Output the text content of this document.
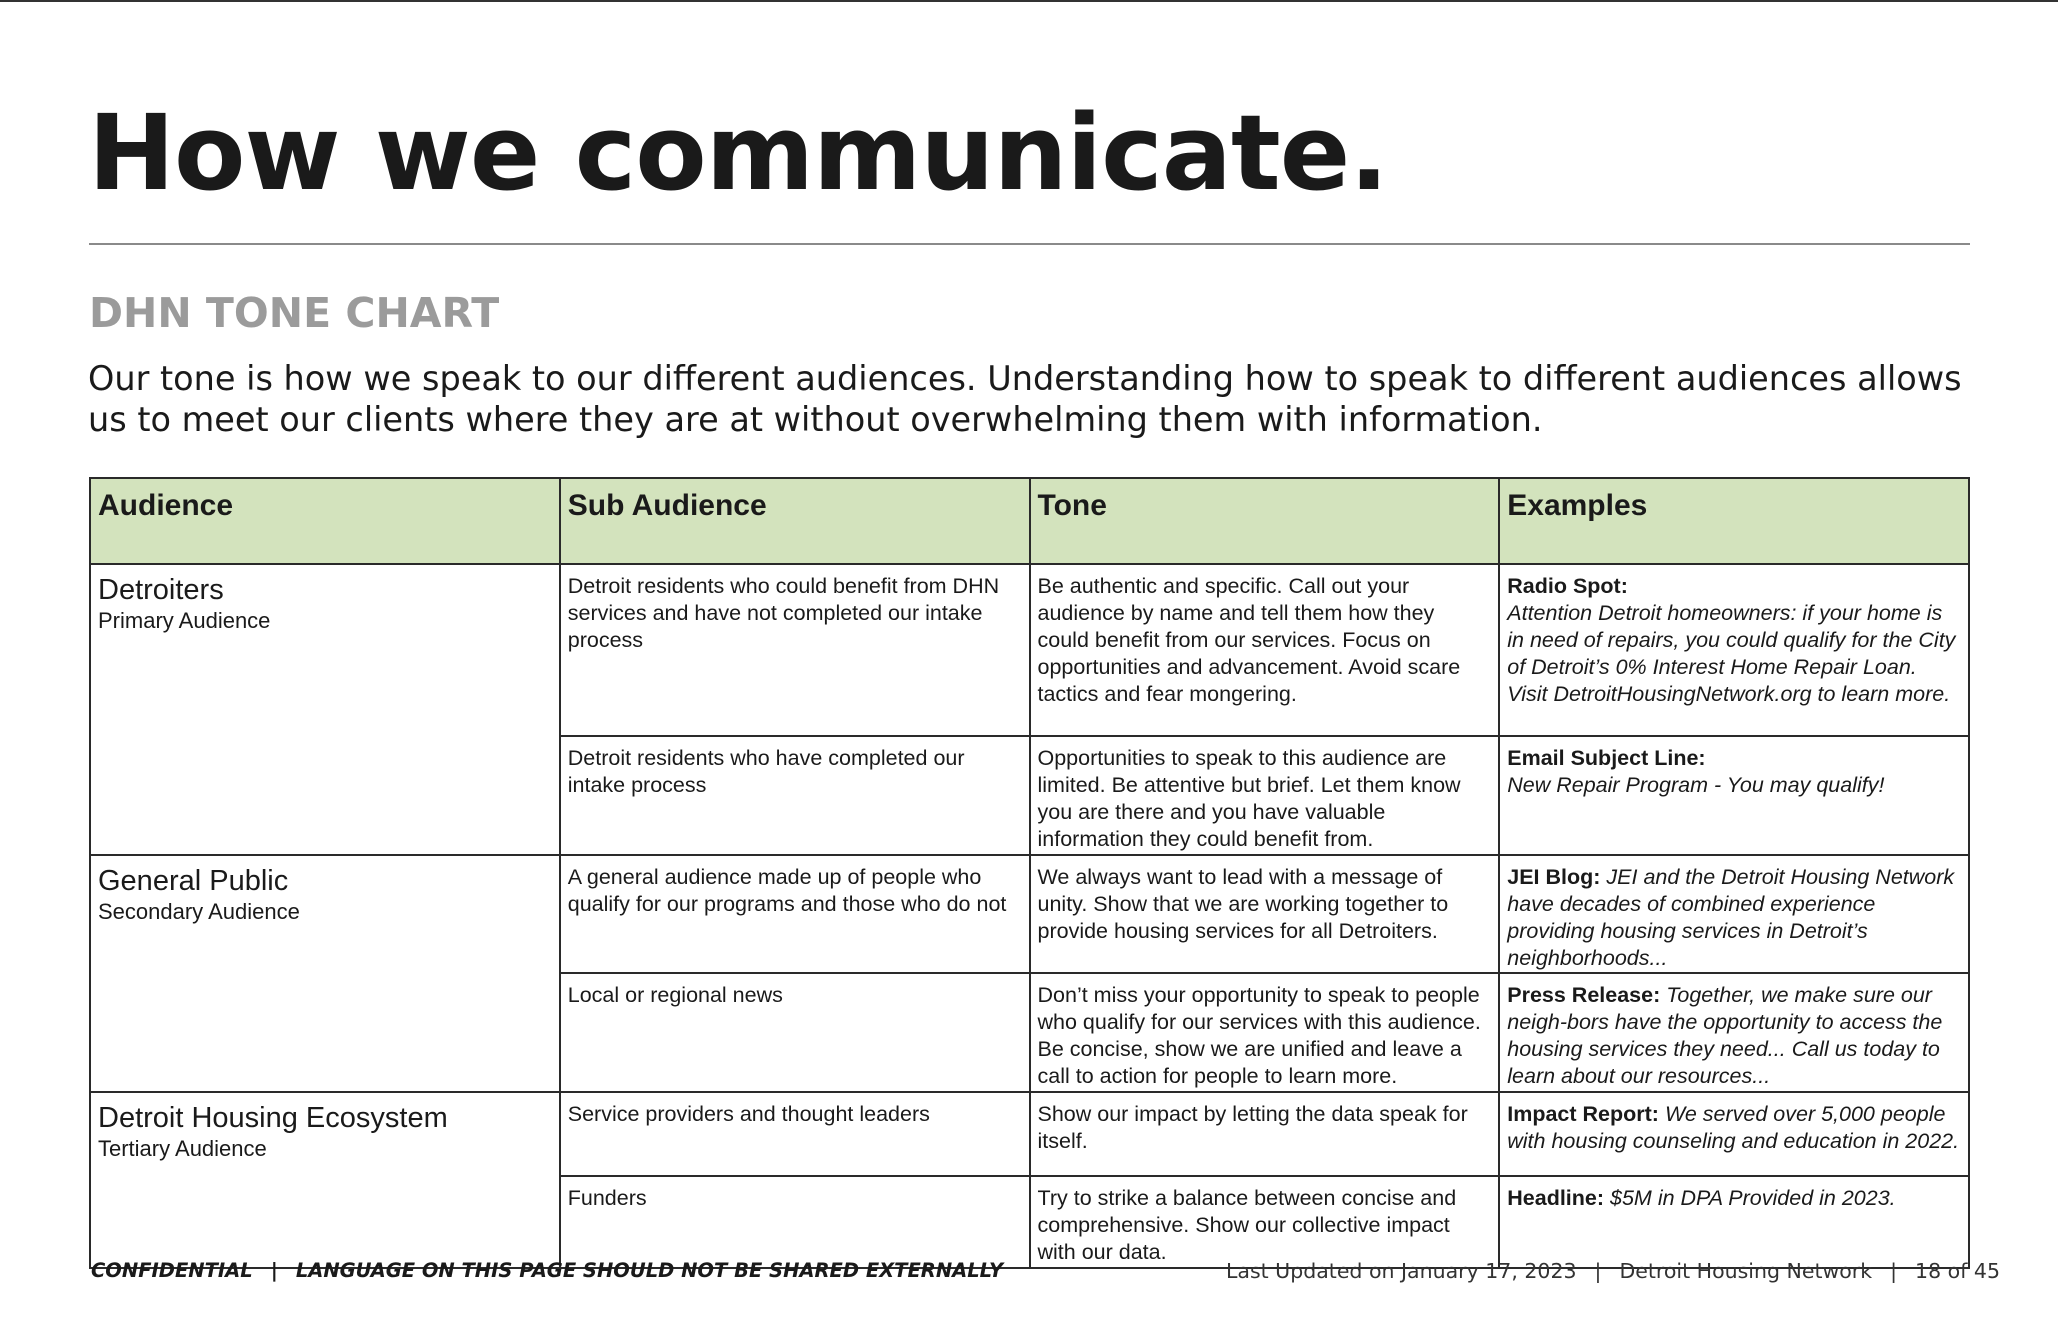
How we communicate.
DHN TONE CHART

Our tone is how we speak to our different audiences. Understanding how to speak to different audiences allows us to meet our clients where they are at without overwhelming them with information.

Audience	Sub Audience	Tone	Examples

Detroiters
Primary Audience	Detroit residents who could benefit from DHN services and have not completed our intake process	Be authentic and specific. Call out your audience by name and tell them how they could benefit from our services. Focus on opportunities and advancement. Avoid scare tactics and fear mongering.	Radio Spot:
Attention Detroit homeowners: if your home is in need of repairs, you could qualify for the City of Detroit’s 0% Interest Home Repair Loan. Visit DetroitHousingNetwork.org to learn more.
	Detroit residents who have completed our intake process	Opportunities to speak to this audience are limited. Be attentive but brief. Let them know you are there and you have valuable information they could benefit from.	Email Subject Line:
New Repair Program - You may qualify!

General Public
Secondary Audience	A general audience made up of people who qualify for our programs and those who do not	We always want to lead with a message of unity. Show that we are working together to provide housing services for all Detroiters.	JEI Blog: JEI and the Detroit Housing Network have decades of combined experience providing housing services in Detroit’s neighborhoods...
	Local or regional news	Don’t miss your opportunity to speak to people who qualify for our services with this audience. Be concise, show we are unified and leave a call to action for people to learn more.	Press Release: Together, we make sure our neigh-bors have the opportunity to access the housing services they need... Call us today to learn about our resources...

Detroit Housing Ecosystem
Tertiary Audience	Service providers and thought leaders	Show our impact by letting the data speak for itself.	Impact Report: We served over 5,000 people with housing counseling and education in 2022.
	Funders	Try to strike a balance between concise and comprehensive. Show our collective impact with our data.	Headline: $5M in DPA Provided in 2023.
CONFIDENTIAL | LANGUAGE ON THIS PAGE SHOULD NOT BE SHARED EXTERNALLY	Last Updated on January 17, 2023 | Detroit Housing Network | 18 of 45
